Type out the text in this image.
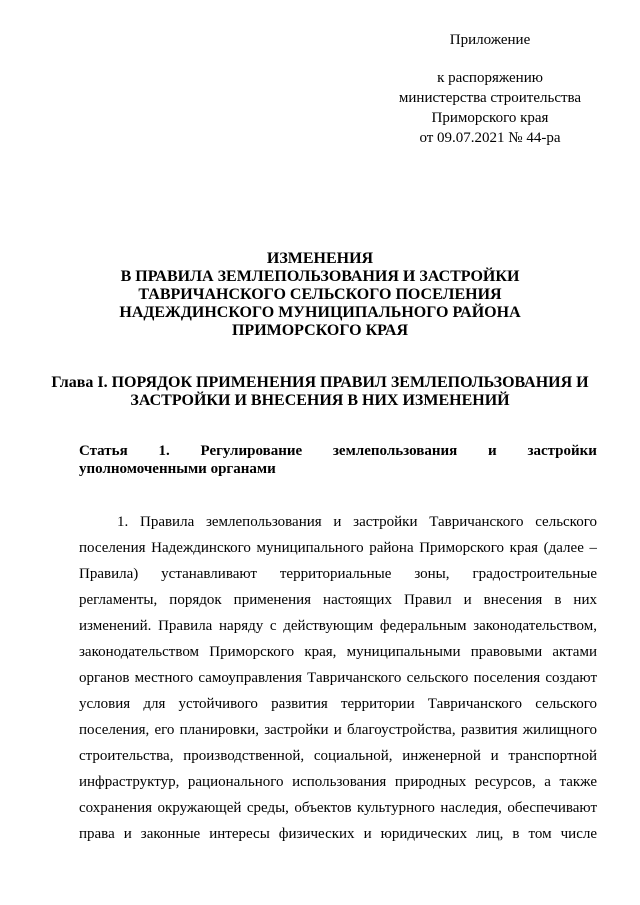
Приложение
к распоряжению
министерства строительства
Приморского края
от 09.07.2021 № 44-ра
ИЗМЕНЕНИЯ
В ПРАВИЛА ЗЕМЛЕПОЛЬЗОВАНИЯ И ЗАСТРОЙКИ
ТАВРИЧАНСКОГО СЕЛЬСКОГО ПОСЕЛЕНИЯ
НАДЕЖДИНСКОГО МУНИЦИПАЛЬНОГО РАЙОНА
ПРИМОРСКОГО КРАЯ
Глава I. ПОРЯДОК ПРИМЕНЕНИЯ ПРАВИЛ ЗЕМЛЕПОЛЬЗОВАНИЯ И
ЗАСТРОЙКИ И ВНЕСЕНИЯ В НИХ ИЗМЕНЕНИЙ
Статья 1. Регулирование землепользования и застройки
уполномоченными органами
1. Правила землепользования и застройки Тавричанского сельского
поселения Надеждинского муниципального района Приморского края (далее –
Правила) устанавливают территориальные зоны, градостроительные
регламенты, порядок применения настоящих Правил и внесения в них
изменений. Правила наряду с действующим федеральным законодательством,
законодательством Приморского края, муниципальными правовыми актами
органов местного самоуправления Тавричанского сельского поселения создают
условия для устойчивого развития территории Тавричанского сельского
поселения, его планировки, застройки и благоустройства, развития жилищного
строительства, производственной, социальной, инженерной и транспортной
инфраструктур, рационального использования природных ресурсов, а также
сохранения окружающей среды, объектов культурного наследия, обеспечивают
права и законные интересы физических и юридических лиц, в том числе
